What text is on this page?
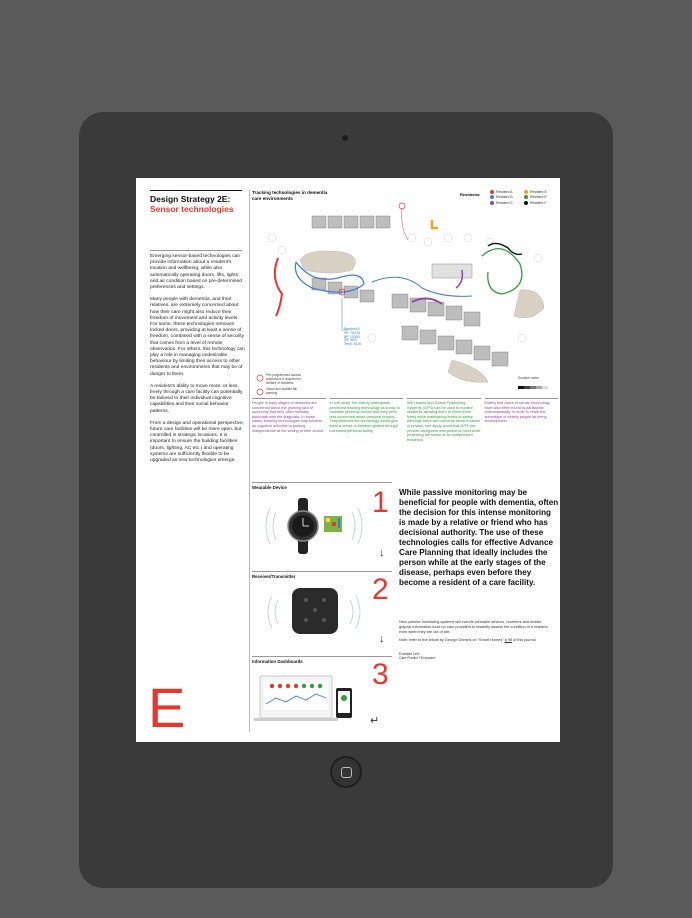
Design Strategy 2E:
Sensor technologies

Emerging sensor-based technologies can provide information about a resident's location and wellbeing, while also automatically operating doors, lifts, lights and air condition based on pre-determined preferences and settings.

Many people with dementia, and their relatives, are extremely concerned about how their care might also reduce their freedom of movement and activity levels. For some, these technologies removes locked doors, providing at least a sense of freedom, combined with a sense of security that comes from a level of remote observation. For others, this technology can play a role in managing undesirable behaviour by limiting their access to other residents and environments that may be of danger to them.

A resident's ability to move more, or less, freely through a care facility can potentially be tailored to their individual cognitive capabilities and their social behavior patterns.

From a design and operational perspective, future care facilities will be more open, but controlled in strategic locations. It is important to ensure the building facilities (doors, lighting, AC etc.) and operating systems are sufficiently flexible to be upgraded as new technologies emerge.

E
Tracking technologies in dementia care environments
Residents:	Resident A	Resident D
Resident B	Resident E
Resident C	Resident F
Pre-programmed access restrictions if required for welfare of residents
Visual and audible fall warning
Resident B
HR: 76/125
BP: 120/80
SR: 98%
Temp: 36.8c
Duration meter
People in early stages of dementia are concerned about the growing lack of autonomy that they often mentally associate with the diagnosis. In those cases, tracking technologies may function as cognitive orthotics to prolong independence at the setting of their choice.
In one study, the elderly participants perceived tracking technology as a way to maintain personal control and they were less concerned about personal privacy. They believed the technology would give them a sense of freedom gained through increased personal safety.
WiFi-based and Global Positioning Systems (GPS) can be used to monitor residents allowing them to move more freely while maintaining levels of safety. Although there are concerns about invasion of privacy, one study found that GPS can provide caregivers with peace of mind while protecting the sense of an independent existence.
Elderly test users of robotic technology have also been found to participate enthusiastically, in order to resist the stereotype of elderly people as being technophobic.
Wearable Device	1
↓
Receiver/Transmitter	2
↓
Information Dashboards 3
↵
While passive monitoring may be beneficial for people with dementia, often the decision for this intense monitoring is made by a relative or friend who has decisional authority. The use of these technologies calls for effective Advance Care Planning that ideally includes the person while at the early stages of the disease, perhaps even before they become a resident of a care facility.
New passive monitoring systems will include wearable devices, receivers and mobile, graphic information tools for care providers to instantly assess the condition of a resident, even when they are out of site.
Note: refer to the article by George Demiris on "Smart Homes" p.98 of this journal
Example Left:
Care Predict TM system
